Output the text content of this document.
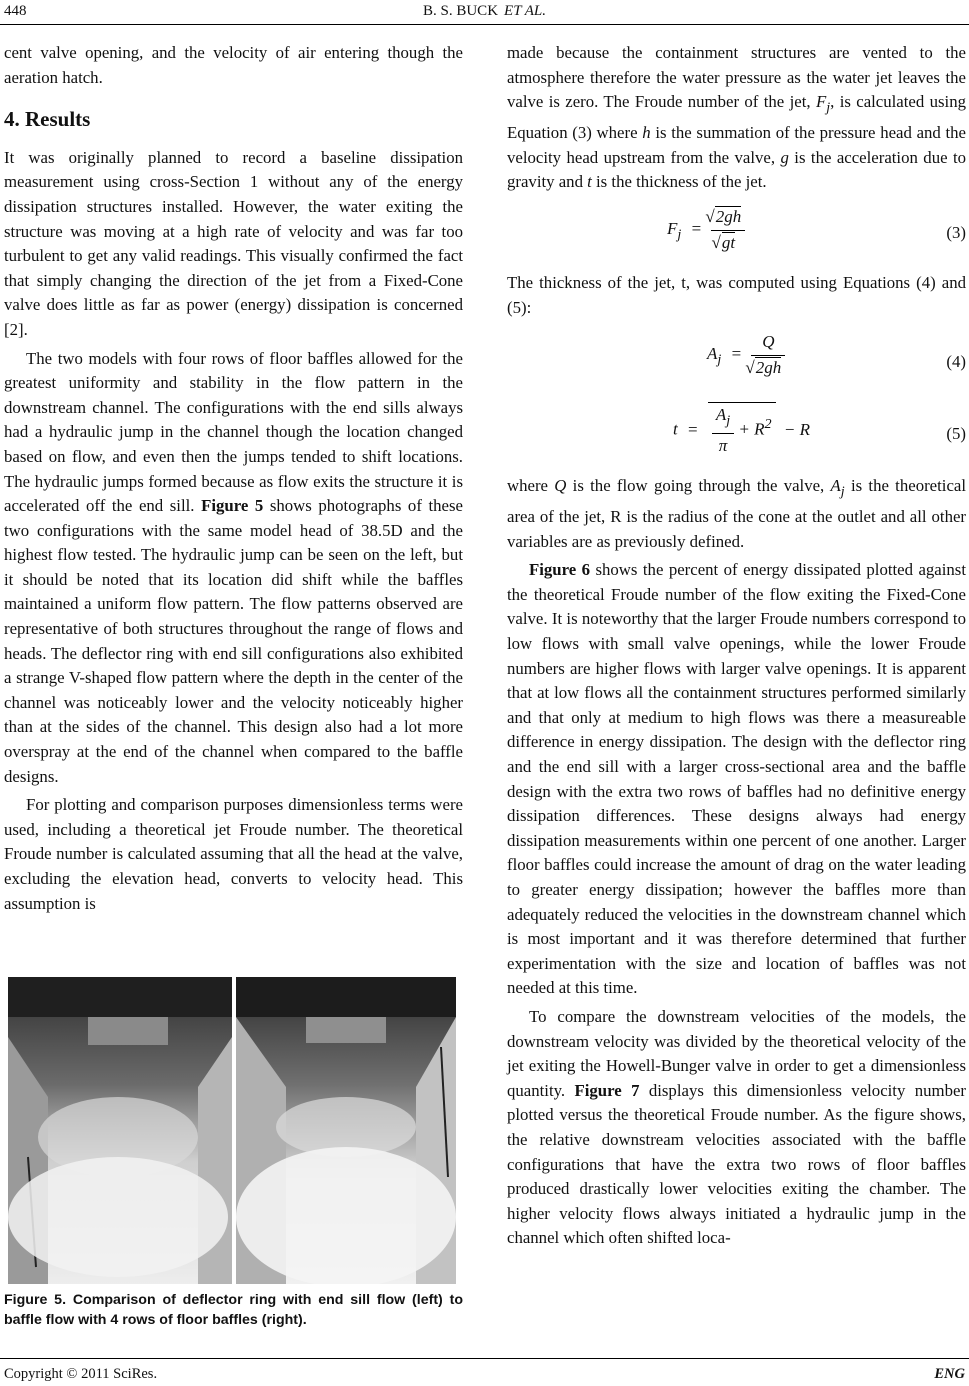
448	B. S. BUCK ET AL.

cent valve opening, and the velocity of air entering though the aeration hatch.

4. Results

It was originally planned to record a baseline dissipation measurement using cross-Section 1 without any of the energy dissipation structures installed. However, the water exiting the structure was moving at a high rate of velocity and was far too turbulent to get any valid readings. This visually confirmed the fact that simply changing the direction of the jet from a Fixed-Cone valve does little as far as power (energy) dissipation is concerned [2].

The two models with four rows of floor baffles allowed for the greatest uniformity and stability in the flow pattern in the downstream channel. The configurations with the end sills always had a hydraulic jump in the channel though the location changed based on flow, and even then the jumps tended to shift locations. The hydraulic jumps formed because as flow exits the structure it is accelerated off the end sill. Figure 5 shows photographs of these two configurations with the same model head of 38.5D and the highest flow tested. The hydraulic jump can be seen on the left, but it should be noted that its location did shift while the baffles maintained a uniform flow pattern. The flow patterns observed are representative of both structures throughout the range of flows and heads. The deflector ring with end sill configurations also exhibited a strange V-shaped flow pattern where the depth in the center of the channel was noticeably lower and the velocity noticeably higher than at the sides of the channel. This design also had a lot more overspray at the end of the channel when compared to the baffle designs.

For plotting and comparison purposes dimensionless terms were used, including a theoretical jet Froude number. The theoretical Froude number is calculated assuming that all the head at the valve, excluding the elevation head, converts to velocity head. This assumption is

Figure 5. Comparison of deflector ring with end sill flow (left) to baffle flow with 4 rows of floor baffles (right).

made because the containment structures are vented to the atmosphere therefore the water pressure as the water jet leaves the valve is zero. The Froude number of the jet, $F_j$, is calculated using Equation (3) where h is the summation of the pressure head and the velocity head upstream from the valve, g is the acceleration due to gravity and t is the thickness of the jet.

$F_j$ =
√ 2gh
√ gt	(3)

The thickness of the jet, t, was computed using Equations (4) and (5):

$A_j = Q$
√ 2gh	(4)
$t = \frac{A_j}{\pi} + R^2 - R$	(5)

where Q is the flow going through the valve, $A_j$ is the theoretical area of the jet, R is the radius of the cone at the outlet and all other variables are as previously defined.

Figure 6 shows the percent of energy dissipated plotted against the theoretical Froude number of the flow exiting the Fixed-Cone valve. It is noteworthy that the larger Froude numbers correspond to low flows with small valve openings, while the lower Froude numbers are higher flows with larger valve openings. It is apparent that at low flows all the containment structures performed similarly and that only at medium to high flows was there a measureable difference in energy dissipation. The design with the deflector ring and the end sill with a larger cross-sectional area and the baffle design with the extra two rows of baffles had no definitive energy dissipation differences. These designs always had energy dissipation measurements within one percent of one another. Larger floor baffles could increase the amount of drag on the water leading to greater energy dissipation; however the baffles more than adequately reduced the velocities in the downstream channel which is most important and it was therefore determined that further experimentation with the size and location of baffles was not needed at this time.

To compare the downstream velocities of the models, the downstream velocity was divided by the theoretical velocity of the jet exiting the Howell-Bunger valve in order to get a dimensionless quantity. Figure 7 displays this dimensionless velocity number plotted versus the theoretical Froude number. As the figure shows, the relative downstream velocities associated with the baffle configurations that have the extra two rows of floor baffles produced drastically lower velocities exiting the chamber. The higher velocity flows always initiated a hydraulic jump in the channel which often shifted loca-

Copyright © 2011 SciRes.	ENG
